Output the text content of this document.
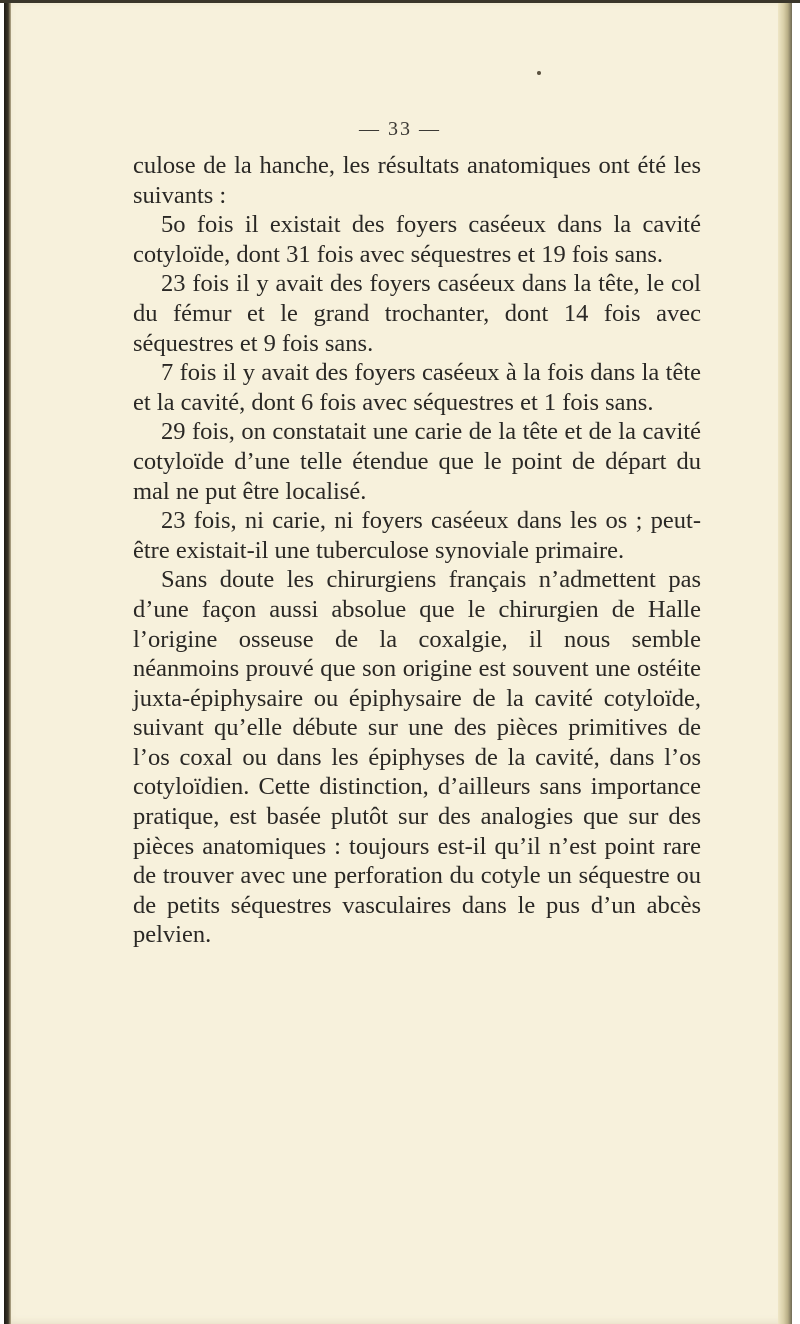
— 33 —

culose de la hanche, les résultats anatomiques ont été les suivants :

5o fois il existait des foyers caséeux dans la cavité cotyloïde, dont 31 fois avec séquestres et 19 fois sans.

23 fois il y avait des foyers caséeux dans la tête, le col du fémur et le grand trochanter, dont 14 fois avec séquestres et 9 fois sans.

7 fois il y avait des foyers caséeux à la fois dans la tête et la cavité, dont 6 fois avec séquestres et 1 fois sans.

29 fois, on constatait une carie de la tête et de la cavité cotyloïde d’une telle étendue que le point de départ du mal ne put être localisé.

23 fois, ni carie, ni foyers caséeux dans les os ; peut-être existait-il une tuberculose synoviale primaire.

Sans doute les chirurgiens français n’admettent pas d’une façon aussi absolue que le chirurgien de Halle l’origine osseuse de la coxalgie, il nous semble néanmoins prouvé que son origine est souvent une ostéite juxta-épiphysaire ou épiphysaire de la cavité cotyloïde, suivant qu’elle débute sur une des pièces primitives de l’os coxal ou dans les épiphyses de la cavité, dans l’os cotyloïdien. Cette distinction, d’ailleurs sans importance pratique, est basée plutôt sur des analogies que sur des pièces anatomiques : toujours est-il qu’il n’est point rare de trouver avec une perforation du cotyle un séquestre ou de petits séquestres vasculaires dans le pus d’un abcès pelvien.
